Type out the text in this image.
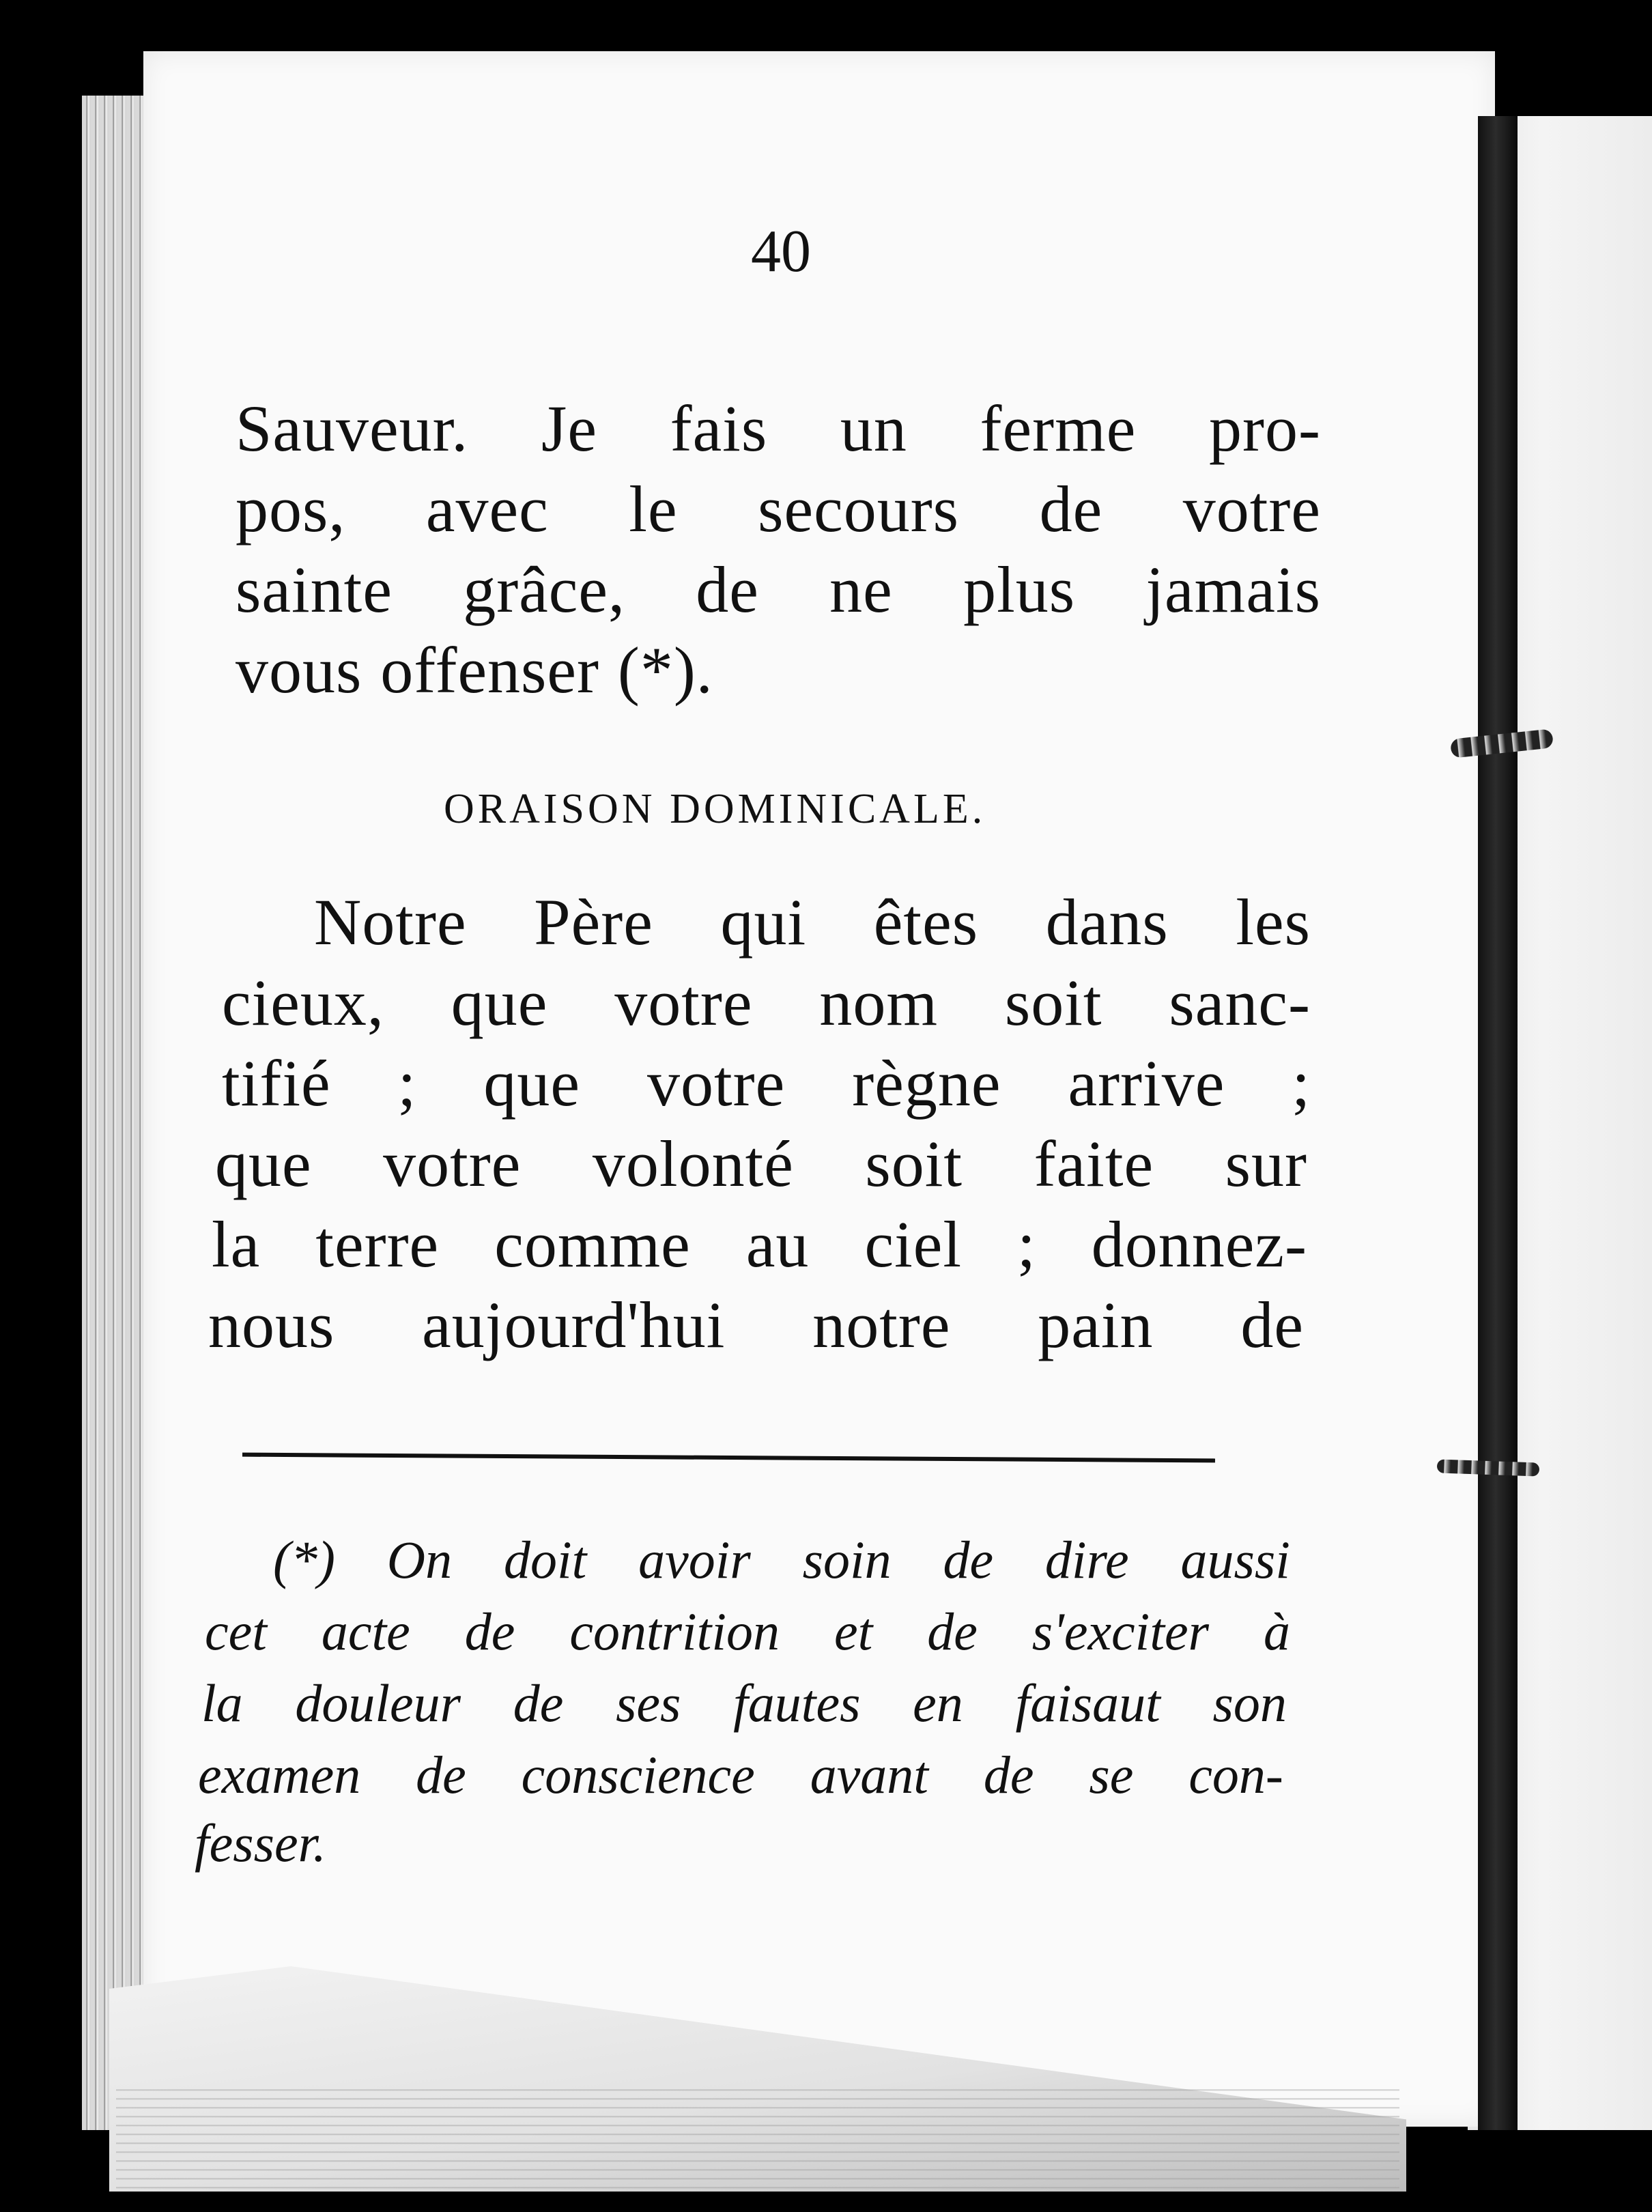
40
Sauveur. Je fais un ferme pro-
pos, avec le secours de votre
sainte grâce, de ne plus jamais
vous offenser (*).
ORAISON DOMINICALE.
Notre Père qui êtes dans les
cieux, que votre nom soit sanc-
tifié ; que votre règne arrive ;
que votre volonté soit faite sur
la terre comme au ciel ; donnez-
nous aujourd'hui notre pain de
(*) On doit avoir soin de dire aussi
cet acte de contrition et de s'exciter à
la douleur de ses fautes en faisaut son
examen de conscience avant de se con-
fesser.
